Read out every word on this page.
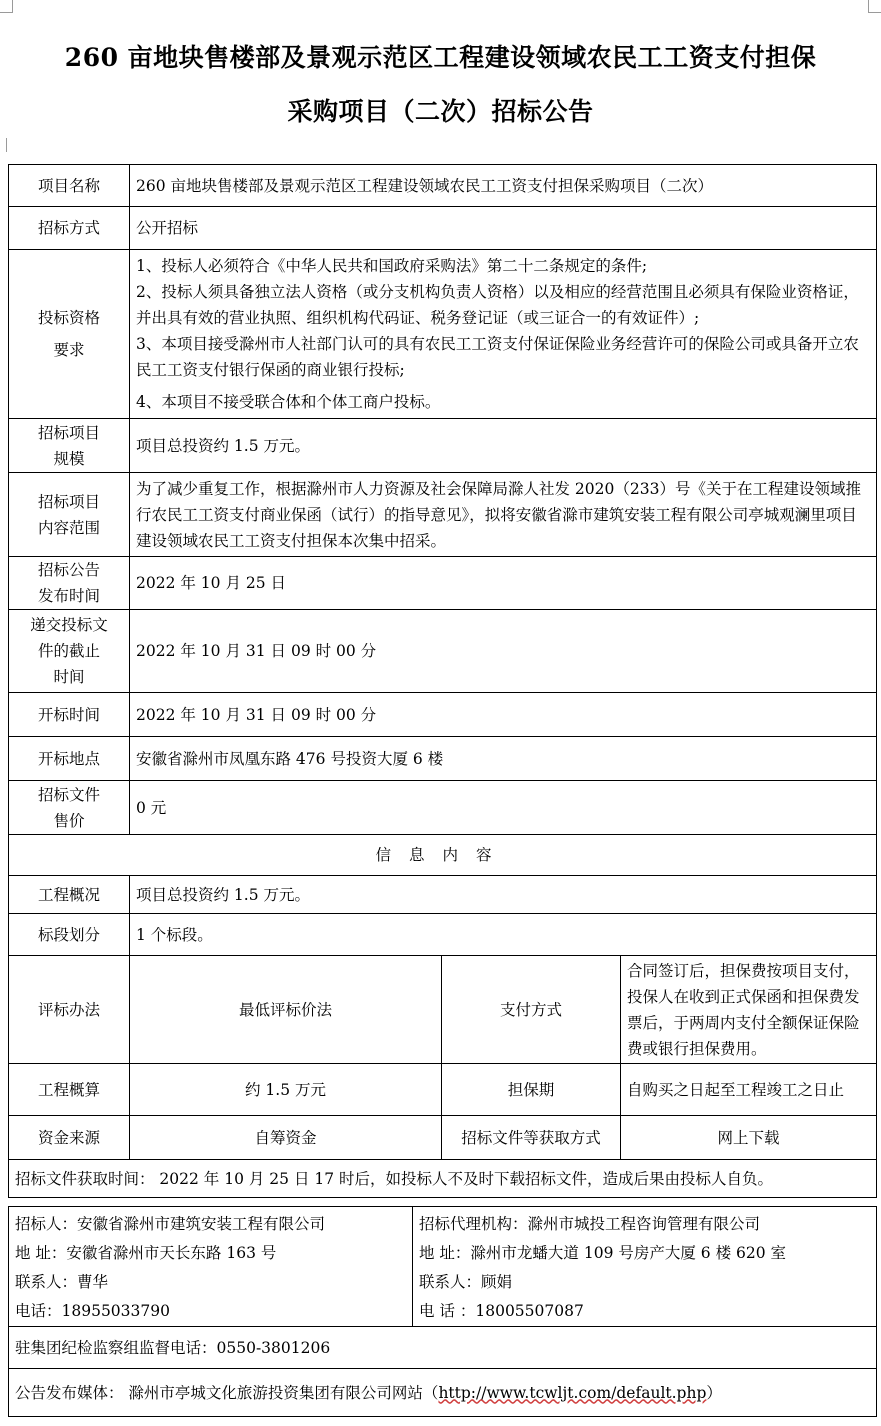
260 亩地块售楼部及景观示范区工程建设领域农民工工资支付担保
采购项目（二次）招标公告
项目名称	260 亩地块售楼部及景观示范区工程建设领域农民工工资支付担保采购项目（二次）		
招标方式	公开招标		

投标资格
要求	1、投标人必须符合《中华人民共和国政府采购法》第二十二条规定的条件;
2、投标人须具备独立法人资格（或分支机构负责人资格）以及相应的经营范围且必须具有保险业资格证，并出具有效的营业执照、组织机构代码证、税务登记证（或三证合一的有效证件）;
3、本项目接受滁州市人社部门认可的具有农民工工资支付保证保险业务经营许可的保险公司或具备开立农民工工资支付银行保函的商业银行投标;
4、本项目不接受联合体和个体工商户投标。		

招标项目
规模	项目总投资约 1.5 万元。		

招标项目
内容范围	为了减少重复工作，根据滁州市人力资源及社会保障局滁人社发 2020（233）号《关于在工程建设领域推行农民工工资支付商业保函（试行）的指导意见》，拟将安徽省滁市建筑安装工程有限公司亭城观澜里项目建设领域农民工工资支付担保本次集中招采。		

招标公告
发布时间	2022 年 10 月 25 日		

递交投标文
件的截止
时间	2022 年 10 月 31 日 09 时 00 分		
开标时间	2022 年 10 月 31 日 09 时 00 分		
开标地点	安徽省滁州市凤凰东路 476 号投资大厦 6 楼		

招标文件
售价	0 元		
信息内容			
工程概况	项目总投资约 1.5 万元。		
标段划分	1 个标段。		
评标办法	最低评标价法	支付方式	合同签订后，担保费按项目支付，投保人在收到正式保函和担保费发票后，于两周内支付全额保证保险费或银行担保费用。
工程概算	约 1.5 万元	担保期	自购买之日起至工程竣工之日止
资金来源	自筹资金	招标文件等获取方式	网上下载
招标文件获取时间： 2022 年 10 月 25 日 17 时后，如投标人不及时下载招标文件，造成后果由投标人自负。			
招标人：安徽省滁州市建筑安装工程有限公司
地 址：安徽省滁州市天长东路 163 号
联系人：曹华
电话：18955033790

招标代理机构：滁州市城投工程咨询管理有限公司
地 址：滁州市龙蟠大道 109 号房产大厦 6 楼 620 室
联系人：顾娟
电 话 ：18005507087

驻集团纪检监察组监督电话：0550-3801206
公告发布媒体： 滁州市亭城文化旅游投资集团有限公司网站（http://www.tcwljt.com/default.php）
